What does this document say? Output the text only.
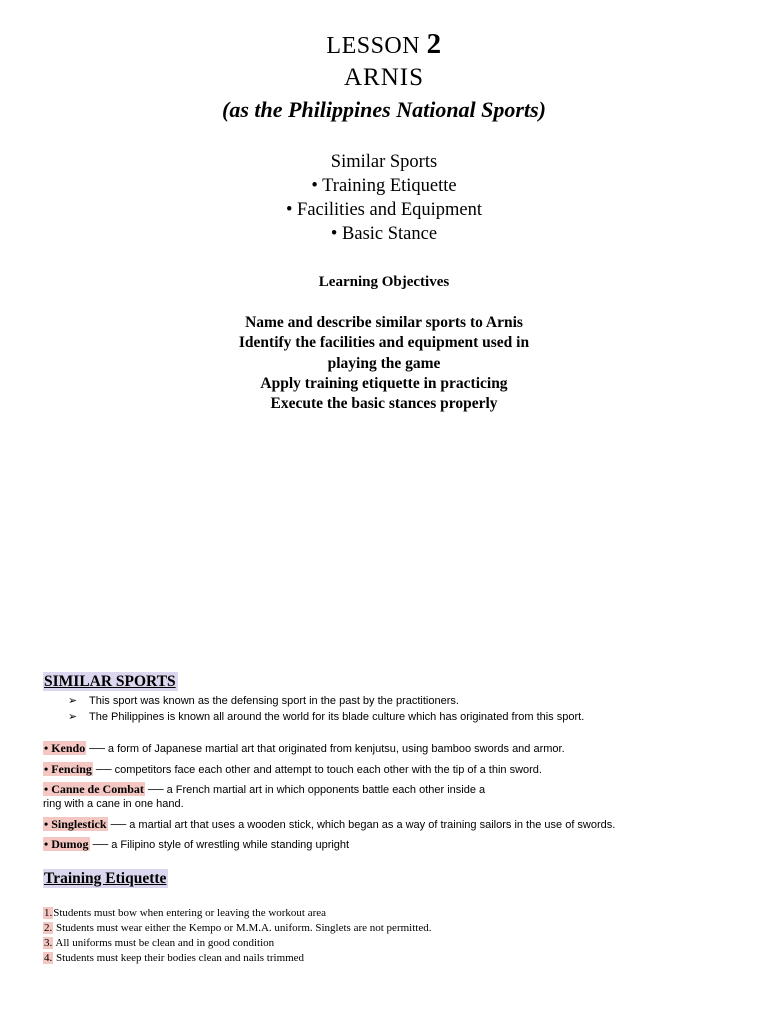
LESSON 2
ARNIS
(as the Philippines National Sports)
Similar Sports
• Training Etiquette
• Facilities and Equipment
• Basic Stance
Learning Objectives
Name and describe similar sports to Arnis
Identify the facilities and equipment used in
playing the game
Apply training etiquette in practicing
Execute the basic stances properly
SIMILAR SPORTS
➢	This sport was known as the defensing sport in the past by the practitioners.
➢	The Philippines is known all around the world for its blade culture which has originated from this sport.
• Kendo ── a form of Japanese martial art that originated from kenjutsu, using bamboo swords and armor.
• Fencing ── competitors face each other and attempt to touch each other with the tip of a thin sword.
• Canne de Combat ── a French martial art in which opponents battle each other inside a
ring with a cane in one hand.
• Singlestick ── a martial art that uses a wooden stick, which began as a way of training sailors in the use of swords.
• Dumog ── a Filipino style of wrestling while standing upright
Training Etiquette
1.Students must bow when entering or leaving the workout area
2. Students must wear either the Kempo or M.M.A. uniform. Singlets are not permitted.
3. All uniforms must be clean and in good condition
4. Students must keep their bodies clean and nails trimmed
